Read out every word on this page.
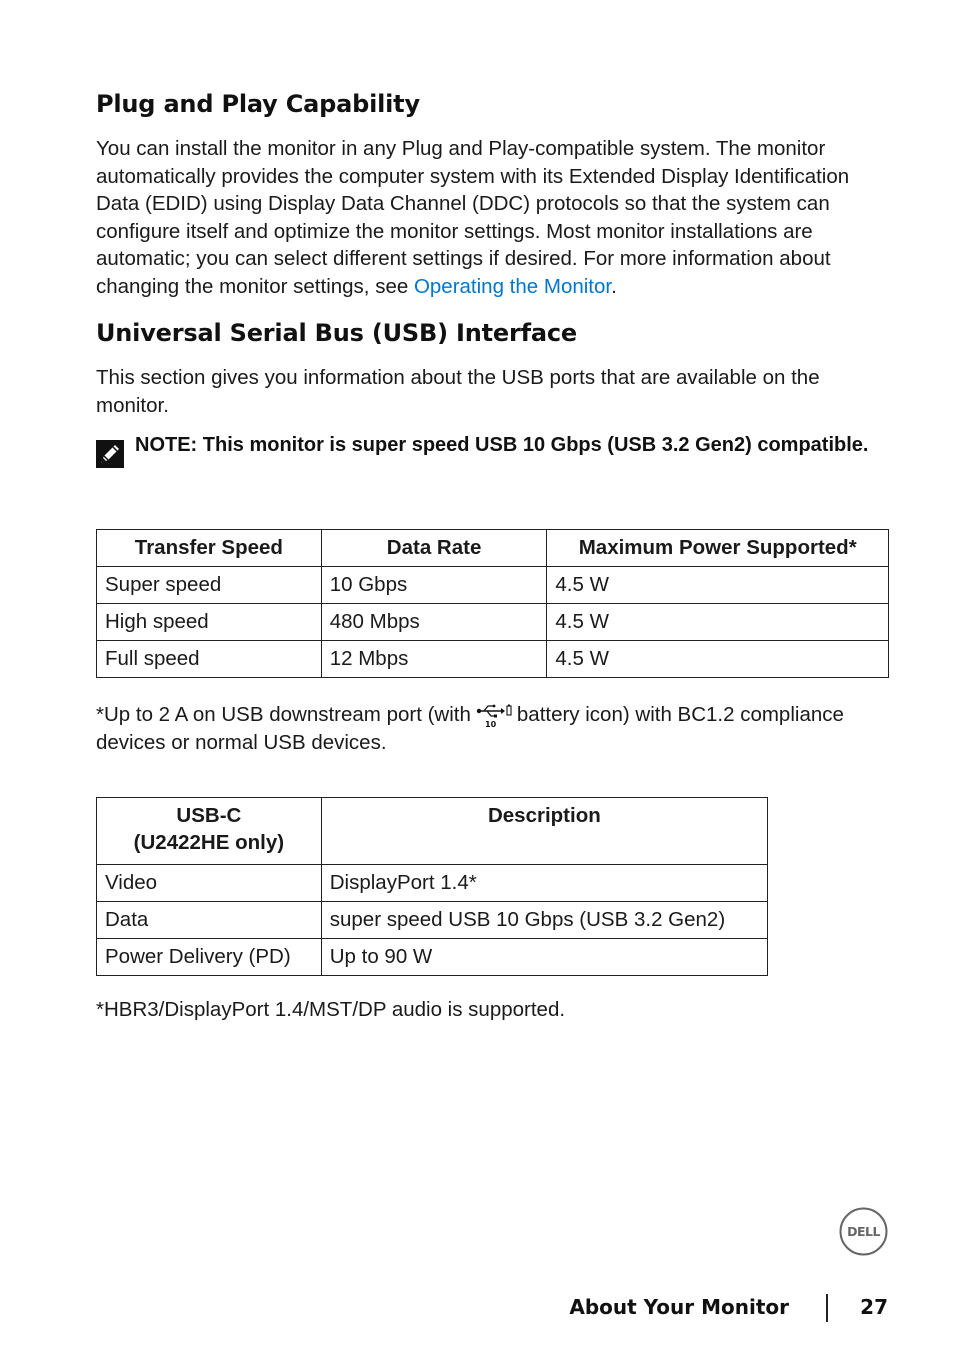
Plug and Play Capability

You can install the monitor in any Plug and Play-compatible system. The monitor automatically provides the computer system with its Extended Display Identification Data (EDID) using Display Data Channel (DDC) protocols so that the system can configure itself and optimize the monitor settings. Most monitor installations are automatic; you can select different settings if desired. For more information about changing the monitor settings, see Operating the Monitor.

Universal Serial Bus (USB) Interface

This section gives you information about the USB ports that are available on the monitor.

NOTE: This monitor is super speed USB 10 Gbps (USB 3.2 Gen2) compatible.
Transfer Speed	Data Rate	Maximum Power Supported*
Super speed	10 Gbps	4.5 W
High speed	480 Mbps	4.5 W
Full speed	12 Mbps	4.5 W

*Up to 2 A on USB downstream port (with 10 battery icon) with BC1.2 compliance devices or normal USB devices.

USB-C
(U2422HE only)	Description
Video	DisplayPort 1.4*
Data	super speed USB 10 Gbps (USB 3.2 Gen2)
Power Delivery (PD)	Up to 90 W

*HBR3/DisplayPort 1.4/MST/DP audio is supported.

DELL
About Your Monitor	27
